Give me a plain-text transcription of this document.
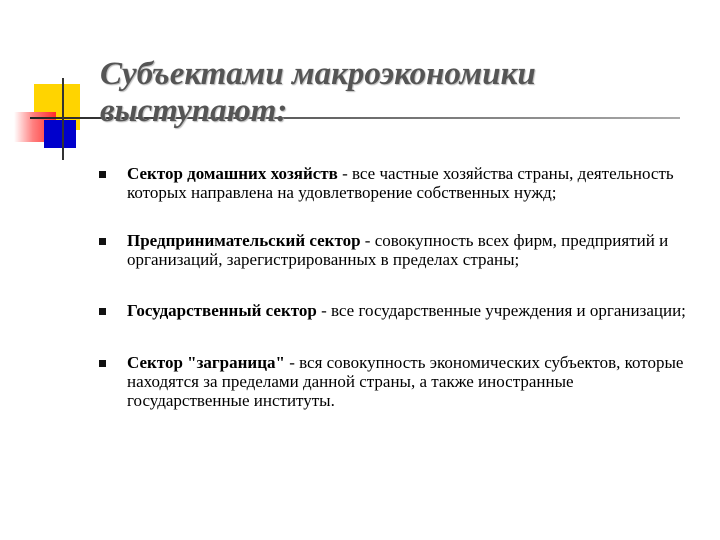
Субъектами макроэкономики
выступают:
Сектор домашних хозяйств - все частные хозяйства страны, деятельность которых направлена на удовлетворение собственных нужд;
Предпринимательский сектор - совокупность всех фирм, предприятий и организаций, зарегистрированных в пределах страны;
Государственный сектор - все государственные учреждения и организации;
Сектор "заграница" - вся совокупность экономических субъектов, которые находятся за пределами данной страны, а также иностранные государственные институты.
